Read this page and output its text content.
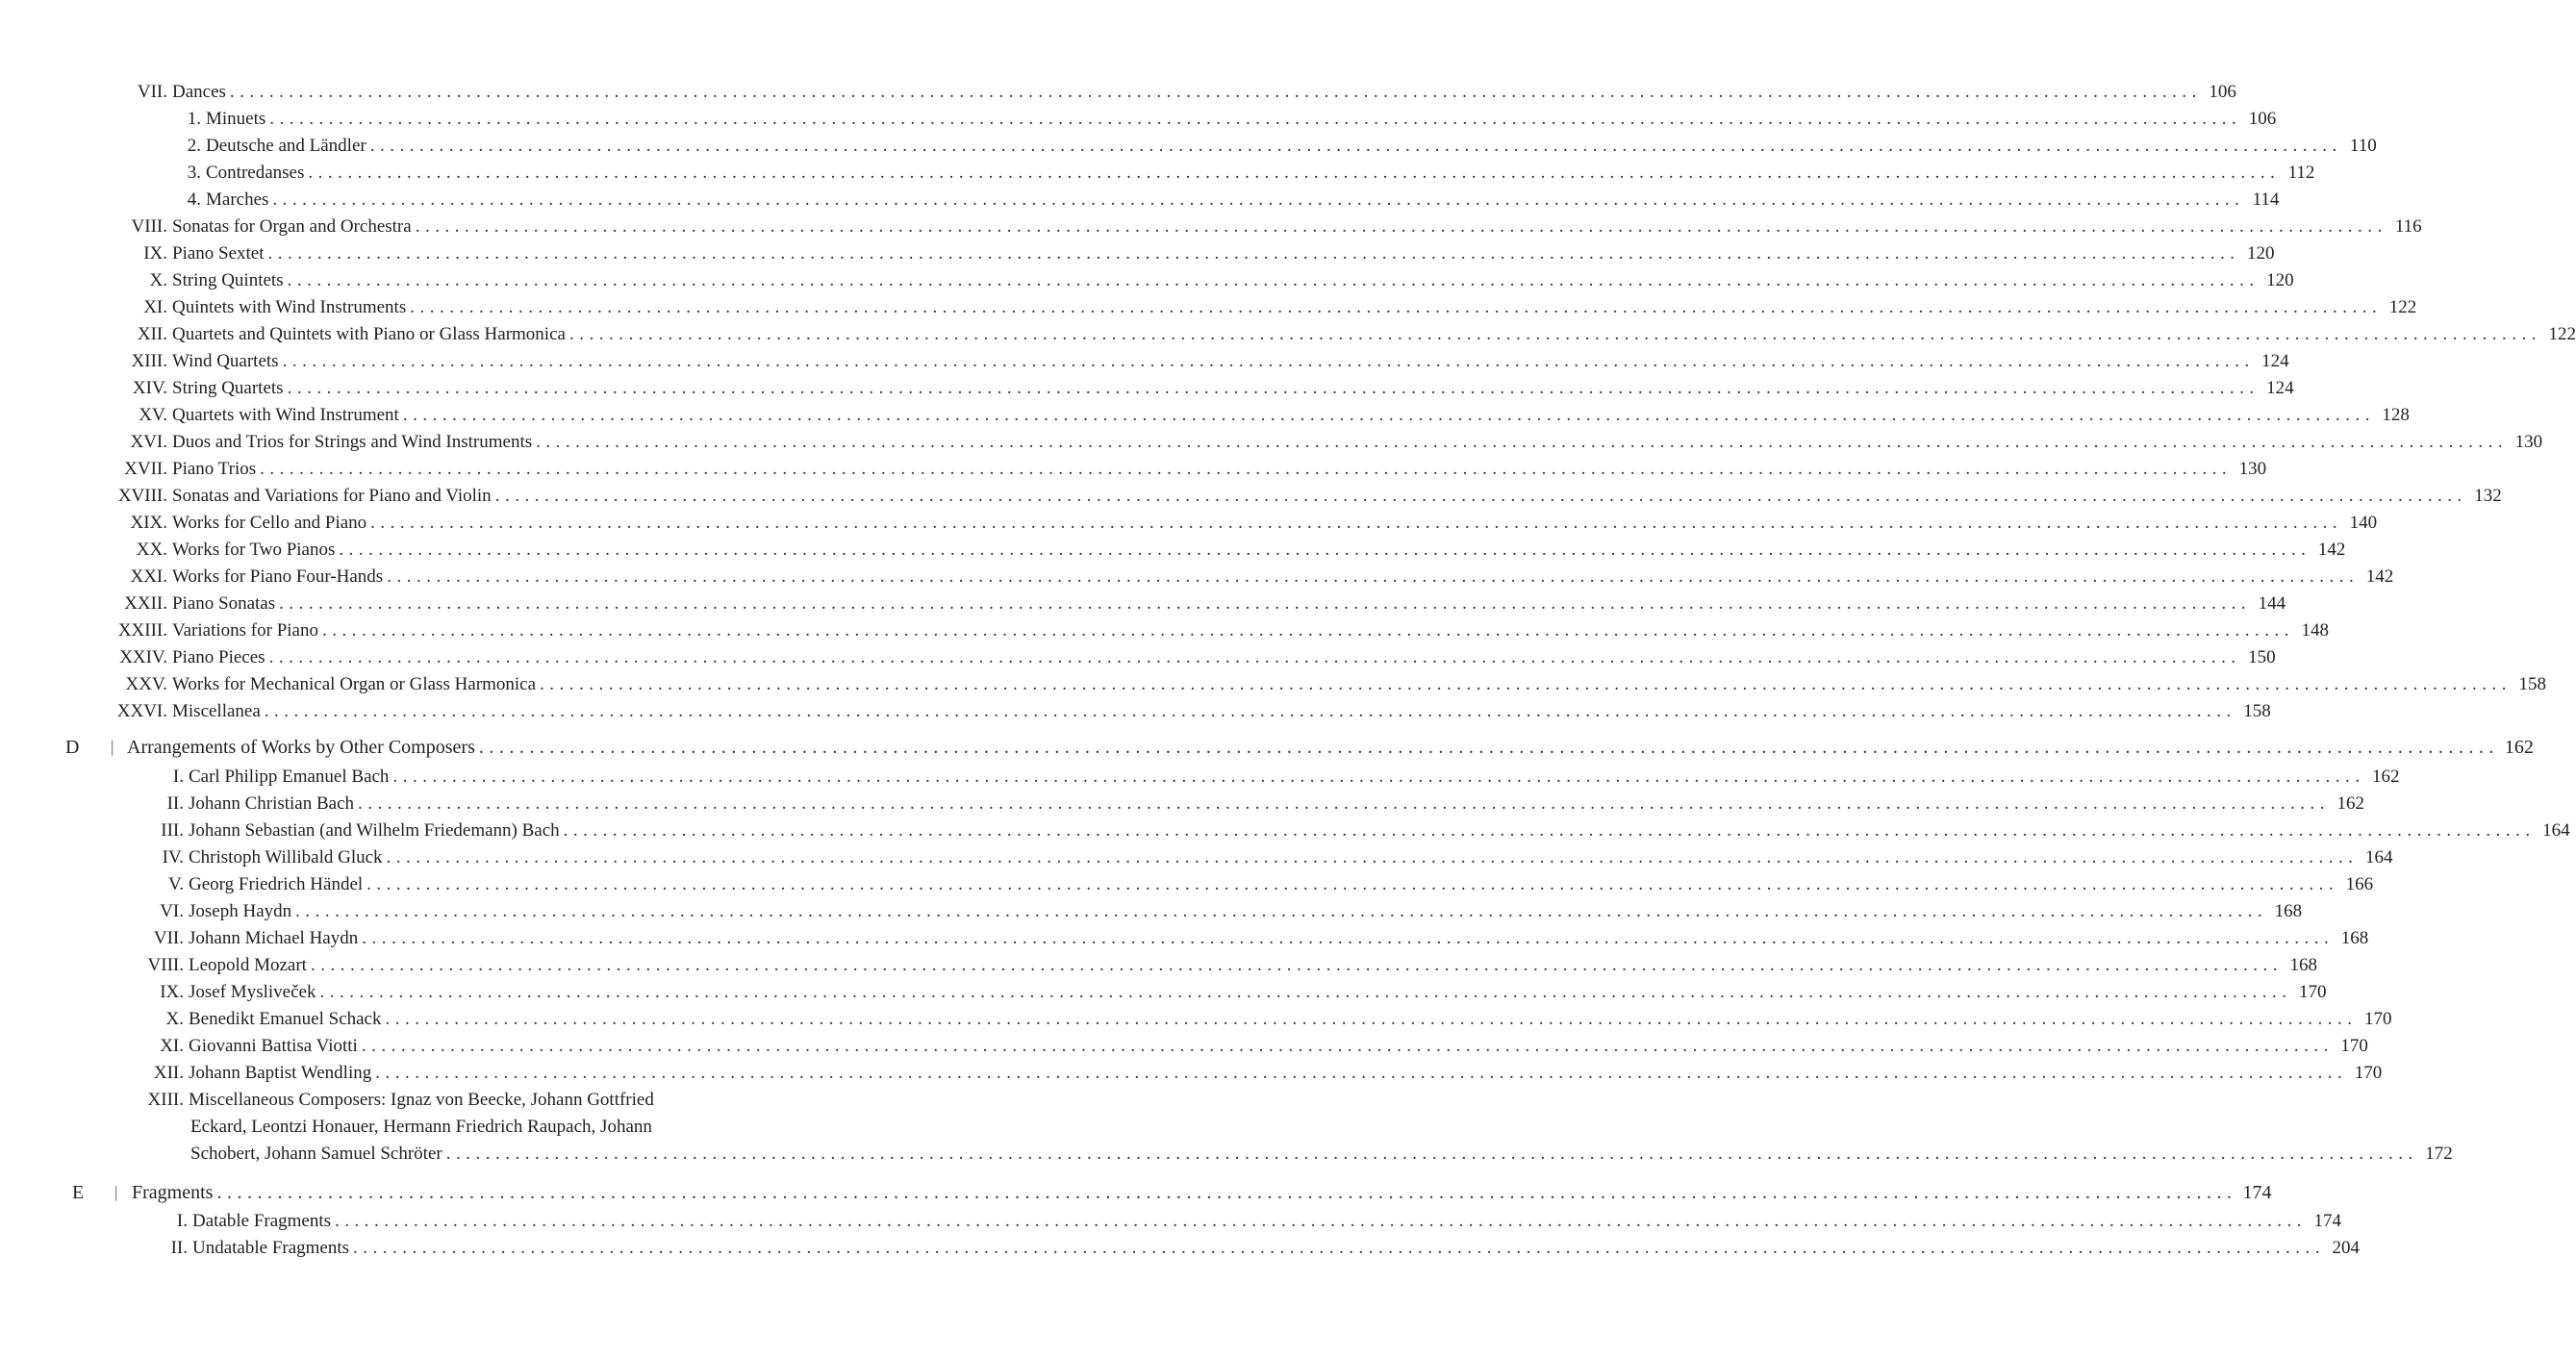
VII. Dances ........................................................................................................................................................................................................ 106
1. Minuets ........................................................................................................................................................................................................ 106
2. Deutsche and Ländler ........................................................................................................................................................................................................ 110
3. Contredanses ........................................................................................................................................................................................................ 112
4. Marches ........................................................................................................................................................................................................ 114
VIII. Sonatas for Organ and Orchestra ........................................................................................................................................................................................................ 116
IX. Piano Sextet ........................................................................................................................................................................................................ 120
X. String Quintets ........................................................................................................................................................................................................ 120
XI. Quintets with Wind Instruments ........................................................................................................................................................................................................ 122
XII. Quartets and Quintets with Piano or Glass Harmonica ........................................................................................................................................................................................................ 122
XIII. Wind Quartets ........................................................................................................................................................................................................ 124
XIV. String Quartets ........................................................................................................................................................................................................ 124
XV. Quartets with Wind Instrument ........................................................................................................................................................................................................ 128
XVI. Duos and Trios for Strings and Wind Instruments ........................................................................................................................................................................................................ 130
XVII. Piano Trios ........................................................................................................................................................................................................ 130
XVIII. Sonatas and Variations for Piano and Violin ........................................................................................................................................................................................................ 132
XIX. Works for Cello and Piano ........................................................................................................................................................................................................ 140
XX. Works for Two Pianos ........................................................................................................................................................................................................ 142
XXI. Works for Piano Four-Hands ........................................................................................................................................................................................................ 142
XXII. Piano Sonatas ........................................................................................................................................................................................................ 144
XXIII. Variations for Piano ........................................................................................................................................................................................................ 148
XXIV. Piano Pieces ........................................................................................................................................................................................................ 150
XXV. Works for Mechanical Organ or Glass Harmonica ........................................................................................................................................................................................................ 158
XXVI. Miscellanea ........................................................................................................................................................................................................ 158
D | Arrangements of Works by Other Composers ........................................................................................................................................................................................................ 162
I. Carl Philipp Emanuel Bach ........................................................................................................................................................................................................ 162
II. Johann Christian Bach ........................................................................................................................................................................................................ 162
III. Johann Sebastian (and Wilhelm Friedemann) Bach ........................................................................................................................................................................................................ 164
IV. Christoph Willibald Gluck ........................................................................................................................................................................................................ 164
V. Georg Friedrich Händel ........................................................................................................................................................................................................ 166
VI. Joseph Haydn ........................................................................................................................................................................................................ 168
VII. Johann Michael Haydn ........................................................................................................................................................................................................ 168
VIII. Leopold Mozart ........................................................................................................................................................................................................ 168
IX. Josef Mysliveček ........................................................................................................................................................................................................ 170
X. Benedikt Emanuel Schack ........................................................................................................................................................................................................ 170
XI. Giovanni Battisa Viotti ........................................................................................................................................................................................................ 170
XII. Johann Baptist Wendling ........................................................................................................................................................................................................ 170
XIII. Miscellaneous Composers: Ignaz von Beecke, Johann Gottfried
Eckard, Leontzi Honauer, Hermann Friedrich Raupach, Johann
Schobert, Johann Samuel Schröter ........................................................................................................................................................................................................ 172
E | Fragments ........................................................................................................................................................................................................ 174
I. Datable Fragments ........................................................................................................................................................................................................ 174
II. Undatable Fragments ........................................................................................................................................................................................................ 204
